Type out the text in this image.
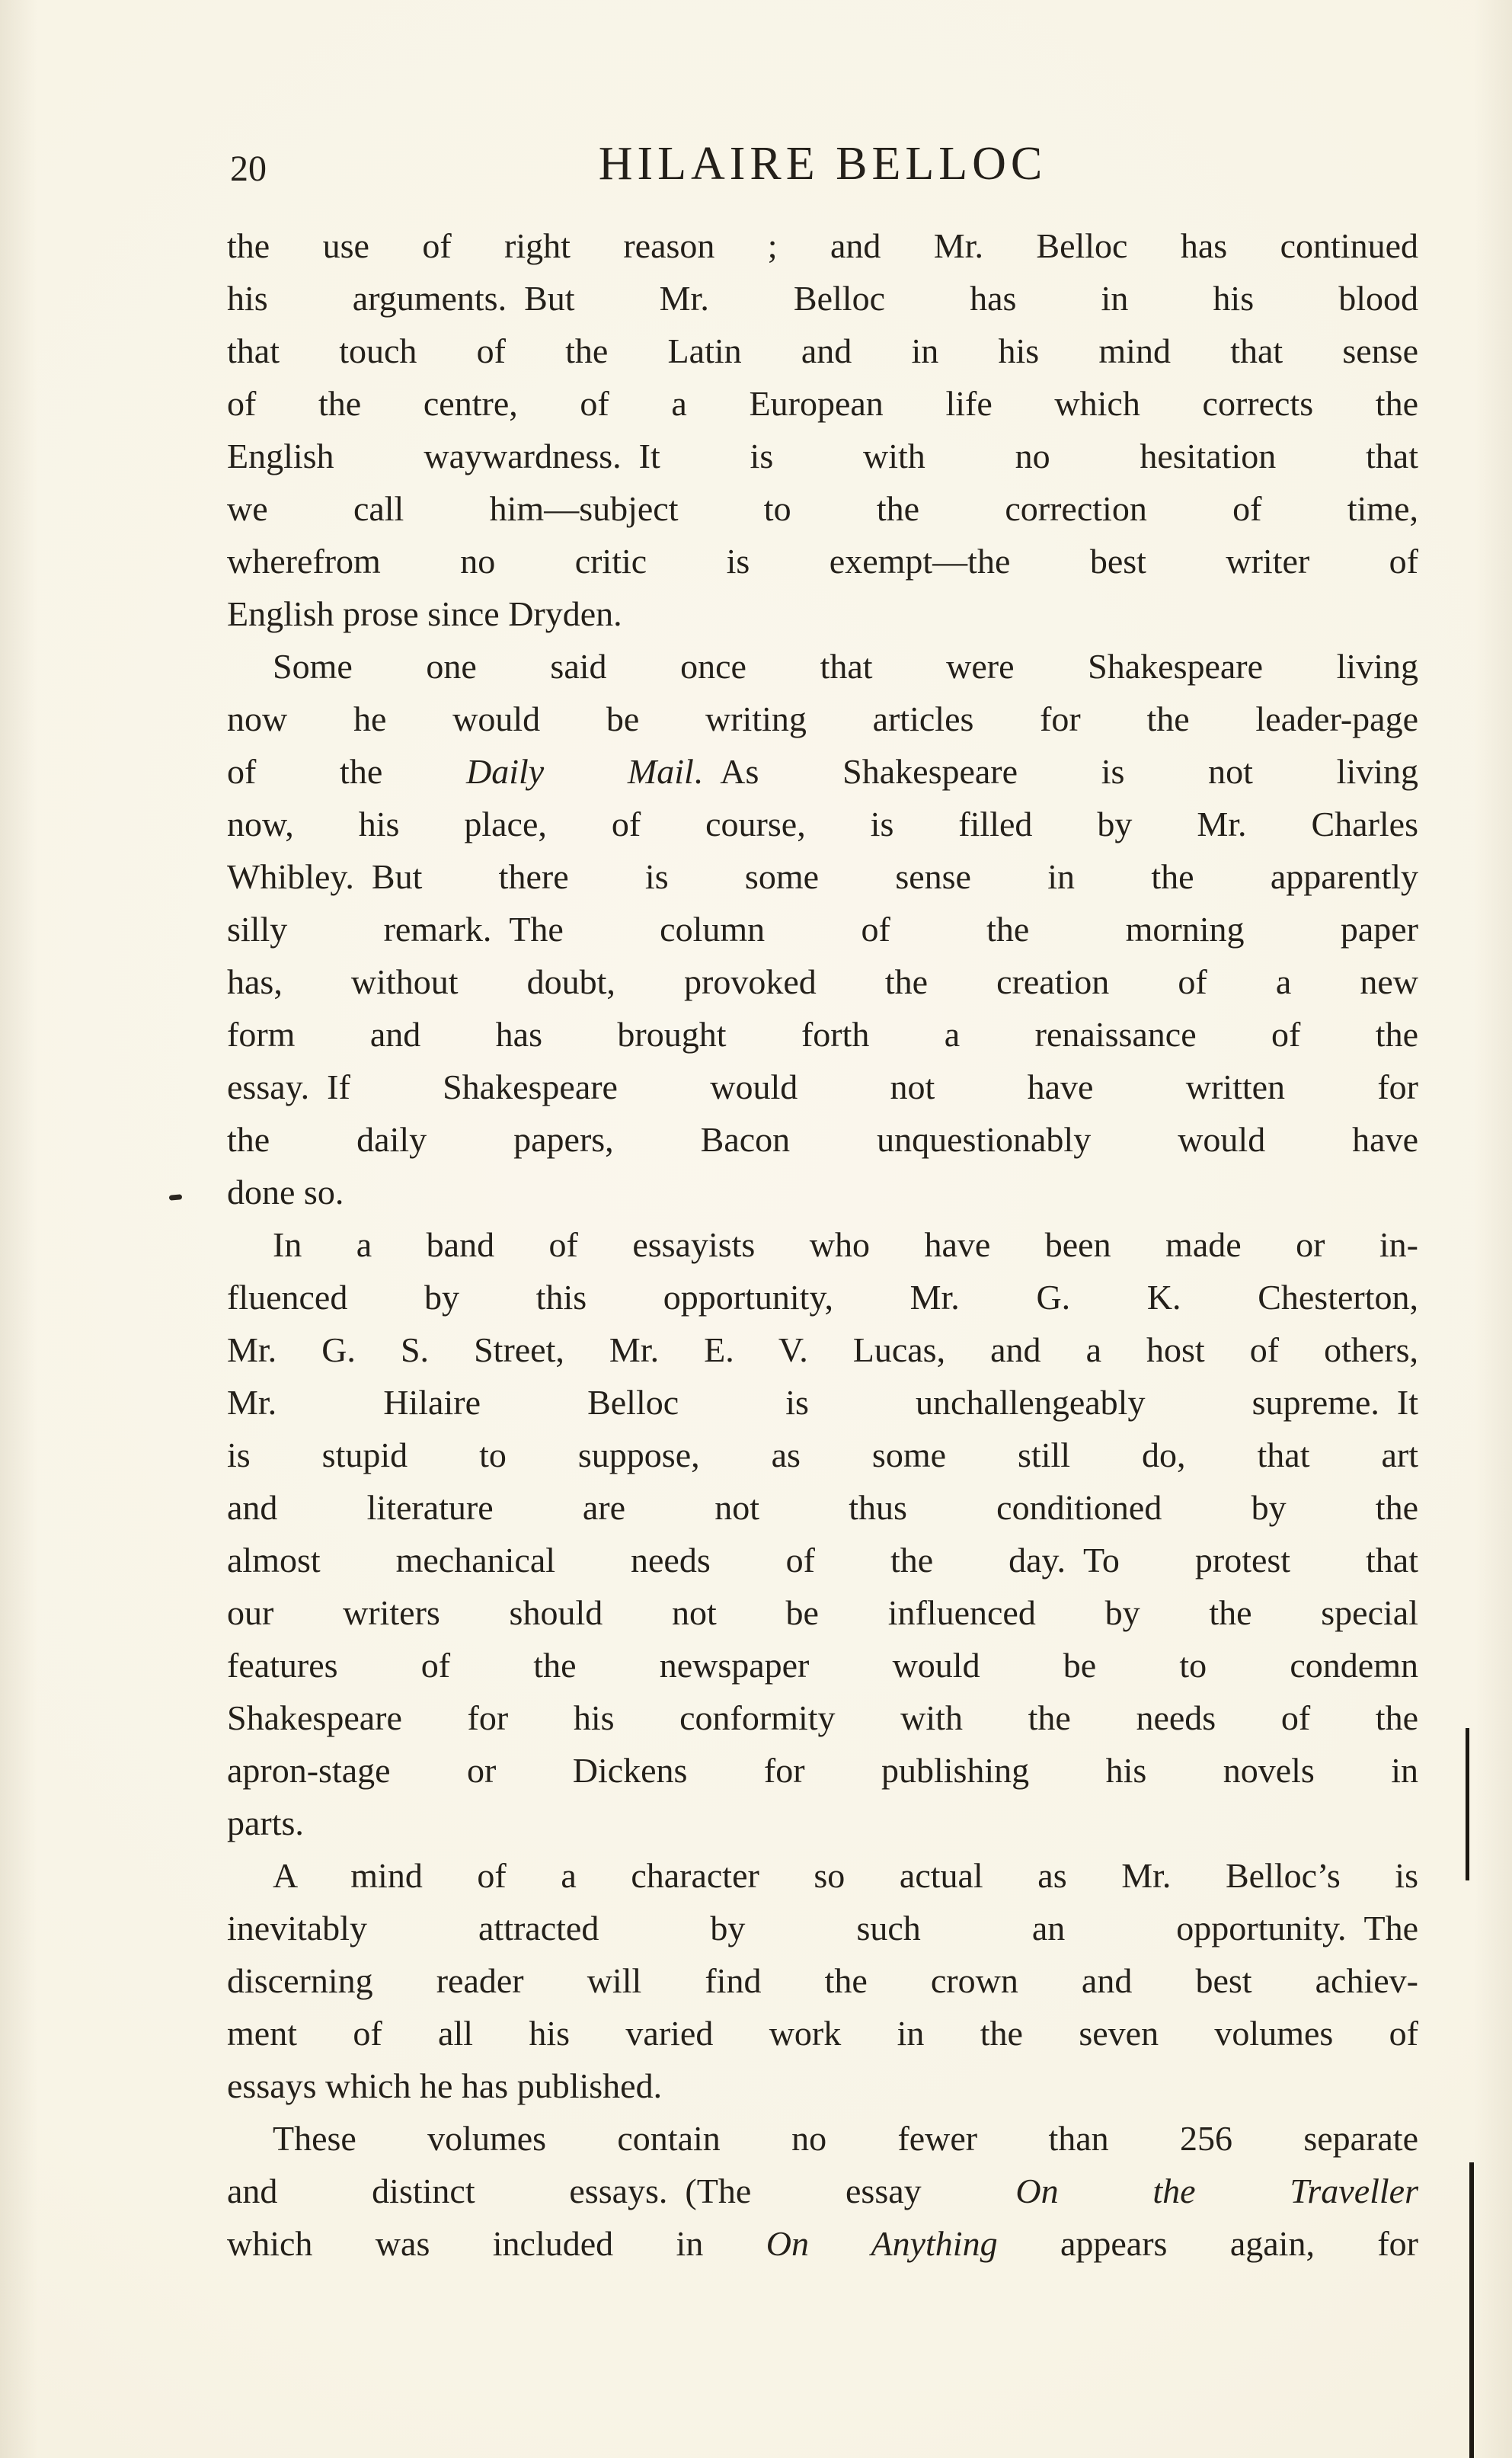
20	HILAIRE BELLOC
the use of right reason ; and Mr. Belloc has continued
his arguments. But Mr. Belloc has in his blood
that touch of the Latin and in his mind that sense
of the centre, of a European life which corrects the
English waywardness. It is with no hesitation that
we call him—subject to the correction of time,
wherefrom no critic is exempt—the best writer of
English prose since Dryden.
Some one said once that were Shakespeare living
now he would be writing articles for the leader-page
of the Daily Mail. As Shakespeare is not living
now, his place, of course, is filled by Mr. Charles
Whibley. But there is some sense in the apparently
silly remark. The column of the morning paper
has, without doubt, provoked the creation of a new
form and has brought forth a renaissance of the
essay. If Shakespeare would not have written for
the daily papers, Bacon unquestionably would have
done so.
In a band of essayists who have been made or in-
fluenced by this opportunity, Mr. G. K. Chesterton,
Mr. G. S. Street, Mr. E. V. Lucas, and a host of others,
Mr. Hilaire Belloc is unchallengeably supreme. It
is stupid to suppose, as some still do, that art
and literature are not thus conditioned by the
almost mechanical needs of the day. To protest that
our writers should not be influenced by the special
features of the newspaper would be to condemn
Shakespeare for his conformity with the needs of the
apron-stage or Dickens for publishing his novels in
parts.
A mind of a character so actual as Mr. Belloc’s is
inevitably attracted by such an opportunity. The
discerning reader will find the crown and best achiev-
ment of all his varied work in the seven volumes of
essays which he has published.
These volumes contain no fewer than 256 separate
and distinct essays. (The essay On the Traveller
which was included in On Anything appears again, for
